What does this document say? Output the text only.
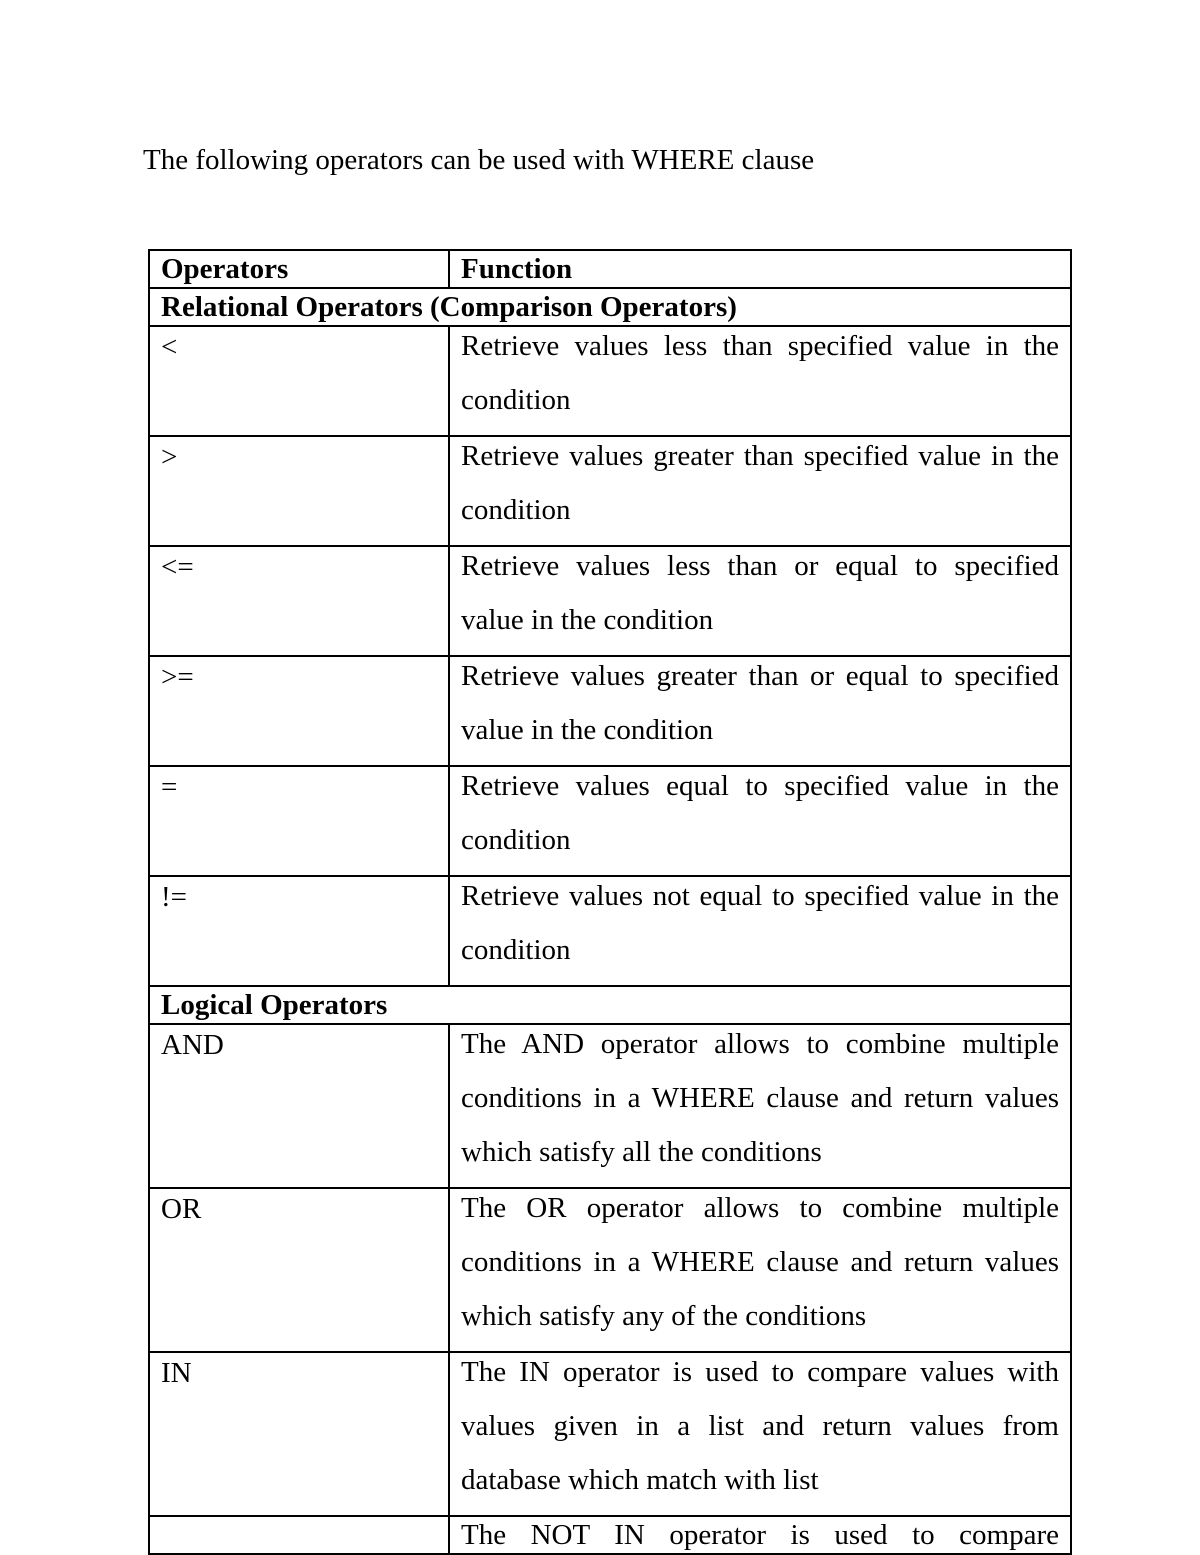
The following operators can be used with WHERE clause
Operators	Function
Relational Operators (Comparison Operators)	
<	Retrieve values less than specified value in the condition
>	Retrieve values greater than specified value in the condition
<=	Retrieve values less than or equal to specified value in the condition
>=	Retrieve values greater than or equal to specified value in the condition
=	Retrieve values equal to specified value in the condition
!=	Retrieve values not equal to specified value in the condition
Logical Operators	
AND	The AND operator allows to combine multiple conditions in a WHERE clause and return values which satisfy all the conditions
OR	The OR operator allows to combine multiple conditions in a WHERE clause and return values which satisfy any of the conditions
IN	The IN operator is used to compare values with values given in a list and return values from database which match with list
	The NOT IN operator is used to compare
